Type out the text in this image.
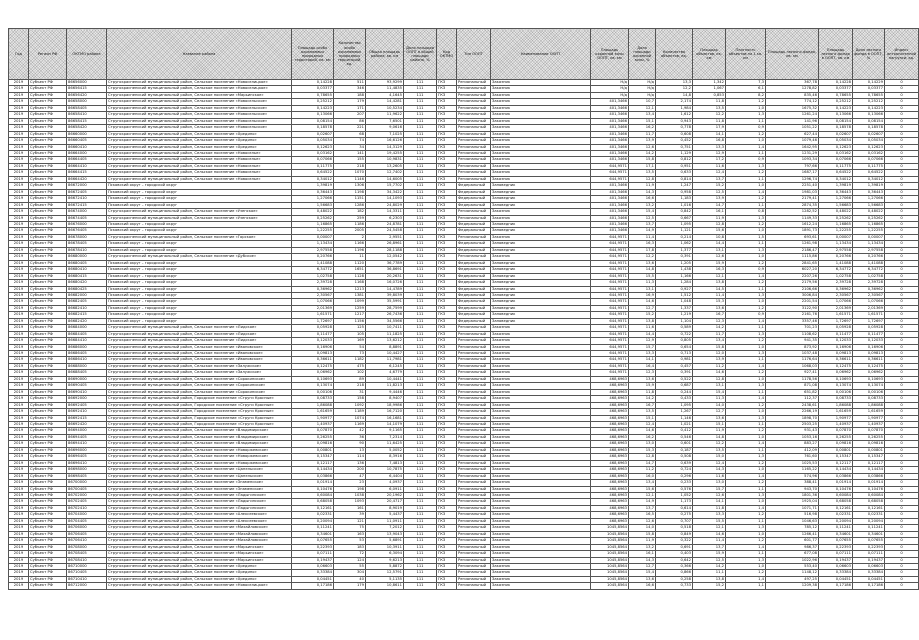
Год	Регион РФ	ОКТМО района	Название района	Площадь особо охраняемых природных территорий, кв. км	Количество особо охраняемых природных территорий, ед.	Общая площадь района, кв. км	Доля площади ООПТ в общей площади района, %	Код ОКТМО	Тип ООПТ	Наименование ООПТ	Площадь охранной зоны ООПТ, кв. км	Доля площади охранной зоны, %	Количество объектов, ед.	Площадь объектов, кв. км	Плотность объектов на 1 кв. км	Площадь лесного фонда, кв. км	Площадь лесного фонда в ООПТ, кв. км	Доля лесного фонда в ООПТ, %	Индекс антропогенной нагрузки, ед.
2019	Субъект РФ	86656000	Стругокрасненский муниципальный район, Сельское поселение «Новоселицкое»	0,14228	511	93,9299	111	ГКЗ	Региональный	Заказник	Н/д	Н/д	13,3	1,342	7,3	367,78	0,14228	0,14229	0
2019	Субъект РФ	86656415	Стругокрасненский муниципальный район, Сельское поселение «Новоселицкое»	0,03377	346	11,4835	111	ГКЗ	Региональный	Заказник	Н/д	Н/д	12,2	1,067	6,1	1278,82	0,03377	0,03377	0
2019	Субъект РФ	86656420	Стругокрасненский муниципальный район, Сельское поселение «Марьинское»	0,78655	188	4,1645	111	ГКЗ	Региональный	Заказник	Н/д	Н/д	14,8	0,853	8,2	835,46	0,78655	0,78655	0
2019	Субъект РФ	86658000	Стругокрасненский муниципальный район, Сельское поселение «Новосельское»	0,25212	179	14,4281	111	ГКЗ	Региональный	Заказник	401,3466	10,7	2,174	11,8	1,2	774,12	0,25212	0,25212	0
2019	Субъект РФ	86658405	Стругокрасненский муниципальный район, Сельское поселение «Новосельское»	0,14223	171	10,5234	111	ГКЗ	Региональный	Заказник	401,3466	12,1	1,984	13,5	1,0	1675,32	0,14223	0,14223	0
2019	Субъект РФ	86658410	Стругокрасненский муниципальный район, Сельское поселение «Новосельское»	0,13066	207	11,9622	111	ГКЗ	Региональный	Заказник	401,3466	13,4	1,612	12,2	1,3	1261,24	0,13066	0,13066	0
2019	Субъект РФ	86658415	Стругокрасненский муниципальный район, Сельское поселение «Новосельское»	0,08154	86	7,6501	111	ГКЗ	Региональный	Заказник	401,3466	15,1	0,943	11,8	1,1	141,96	0,08154	0,08154	0
2019	Субъект РФ	86658420	Стругокрасненский муниципальный район, Сельское поселение «Новосельское»	0,18578	221	9,0616	111	ГКЗ	Региональный	Заказник	401,3466	16,2	0,778	17,9	0,9	1051,22	0,18578	0,18578	0
2019	Субъект РФ	86660000	Стругокрасненский муниципальный район, Сельское поселение «Хредино»	0,02607	68	7,1025	111	ГКЗ	Региональный	Заказник	401,3466	11,7	0,608	14,1	1,2	627,44	0,02607	0,02607	0
2019	Субъект РФ	86660405	Стругокрасненский муниципальный район, Сельское поселение «Хредино»	0,05034	74	16,6126	111	ГКЗ	Региональный	Заказник	401,3466	13,9	0,452	16,8	1,0	1079,46	0,05034	0,05034	0
2019	Субъект РФ	86660410	Стругокрасненский муниципальный район, Сельское поселение «Хредино»	0,12623	34	14,3129	111	ГКЗ	Региональный	Заказник	401,3466	12,6	0,751	13,3	1,4	1642,95	0,12623	0,12623	0
2019	Субъект РФ	86664000	Стругокрасненский муниципальный район, Сельское поселение «Новоселье»	0,03162	141	19,4255	111	ГКЗ	Региональный	Заказник	401,3466	14,2	1,129	12,9	1,1	1231,29	0,03162	0,03162	0
2019	Субъект РФ	86664405	Стругокрасненский муниципальный район, Сельское поселение «Новоселье»	0,07066	155	10,9831	111	ГКЗ	Региональный	Заказник	401,3466	15,8	0,812	17,2	0,9	1093,34	0,07066	0,07066	0
2019	Субъект РФ	86664410	Стругокрасненский муниципальный район, Сельское поселение «Новоселье»	0,11775	218	13,2605	111	ГКЗ	Региональный	Заказник	644,9571	17,1	0,951	11,6	1,3	797,66	0,11775	0,11775	0
2019	Субъект РФ	86664415	Стругокрасненский муниципальный район, Сельское поселение «Новоселье»	0,64522	1070	12,7402	111	ГКЗ	Региональный	Заказник	644,9571	13,5	0,633	12,4	1,2	1687,17	0,64522	0,64522	0
2019	Субъект РФ	86664420	Стругокрасненский муниципальный район, Сельское поселение «Новоселье»	0,34012	1146	14,6005	111	ГКЗ	Региональный	Заказник	644,9571	12,8	0,814	13,7	1,1	1296,74	0,34012	0,34012	0
2019	Субъект РФ	86672000	Псковский округ – городской округ	1,39819	1306	15,7702	111	ГКЗ	Федеральный	Заповедник	401,3466	11,9	1,247	15,2	1,0	2251,40	1,39819	1,39819	0
2019	Субъект РФ	86672405	Псковский округ – городской округ	0,36443	1198	34,3422	111	ГКЗ	Федеральный	Заповедник	401,3466	14,3	0,958	12,5	1,4	1981,03	0,36443	0,36443	0
2019	Субъект РФ	86672410	Псковский округ – городской округ	1,27066	1151	14,1093	111	ГКЗ	Федеральный	Заповедник	401,3466	16,6	1,183	13,9	1,2	2179,41	1,27066	1,27066	0
2019	Субъект РФ	86672415	Псковский округ – городской округ	1,56683	1286	24,8029	111	ГКЗ	Федеральный	Заповедник	401,3466	13,2	1,016	14,7	1,1	2874,35	1,56683	1,56683	0
2019	Субъект РФ	86674000	Стругокрасненский муниципальный район, Сельское поселение «Узенское»	0,48022	182	14,3311	111	ГКЗ	Региональный	Заказник	401,3466	15,4	0,842	16,1	0,8	1282,52	0,48022	0,48022	0
2019	Субъект РФ	86674405	Стругокрасненский муниципальный район, Сельское поселение «Узенское»	0,25262	259	6,2303	111	ГКЗ	Региональный	Заказник	401,3466	12,5	0,667	11,9	1,3	1149,33	0,25262	0,25262	0
2019	Субъект РФ	86676000	Псковский округ – городской округ	1,16865	1186	24,8781	111	ГКЗ	Федеральный	Заповедник	401,3466	13,7	1,095	12,8	1,2	1612,24	1,16865	1,16865	0
2019	Субъект РФ	86676405	Псковский округ – городской округ	1,22255	2005	24,5458	111	ГКЗ	Федеральный	Заповедник	401,3466	14,9	1,121	15,6	1,0	1891,73	1,22255	1,22255	0
2019	Субъект РФ	86678000	Стругокрасненский муниципальный район, Сельское поселение «Горское»	0,00007	2	2,9551	111	ГКЗ	Региональный	Заказник	644,9571	11,4	0,214	10,8	1,5	693,61	0,00007	0,00007	0
2019	Субъект РФ	86678405	Псковский округ – городской округ	1,13434	1166	26,8961	111	ГКЗ	Федеральный	Заповедник	644,9571	16,3	1,062	14,4	1,1	1261,98	1,13434	1,13434	0
2019	Субъект РФ	86678410	Псковский округ – городской округ	2,97558	1196	28,1188	111	ГКЗ	Федеральный	Заповедник	644,9571	17,8	1,377	13,1	1,3	2186,47	2,97558	2,97558	0
2019	Субъект РФ	86680000	Стругокрасненский муниципальный район, Сельское поселение «Дубское»	0,20766	11	12,0542	111	ГКЗ	Региональный	Заказник	644,9571	12,2	0,391	12,6	1,0	1115,86	0,20766	0,20766	0
2019	Субъект РФ	86680405	Псковский округ – городской округ	1,41088	1120	36,7789	111	ГКЗ	Федеральный	Заповедник	644,9571	13,6	1,205	15,9	1,2	2841,65	1,41088	1,41088	0
2019	Субъект РФ	86680410	Псковский округ – городской округ	6,34772	1651	36,8691	111	ГКЗ	Федеральный	Заповедник	644,9571	14,8	1,438	16,3	0,9	6027,20	6,34772	6,34772	0
2019	Субъект РФ	86680415	Псковский округ – городской округ	1,02758	1128	20,2631	111	ГКЗ	Федеральный	Заповедник	644,9571	15,5	1,166	12,1	1,4	2207,26	1,02758	1,02758	0
2019	Субъект РФ	86680420	Псковский округ – городской округ	2,39728	1168	16,0726	111	ГКЗ	Федеральный	Заповедник	644,9571	11,3	1,284	13,8	1,2	2179,56	2,39728	2,39728	0
2019	Субъект РФ	86680425	Псковский округ – городской округ	0,36962	1213	14,4789	111	ГКЗ	Федеральный	Заповедник	644,9571	13,1	0,927	14,5	1,1	2106,66	0,36962	0,36962	0
2019	Субъект РФ	86682000	Псковский округ – городской округ	2,30567	1381	39,8039	111	ГКЗ	Федеральный	Заповедник	644,9571	16,9	1,512	11,4	1,3	3006,84	2,30567	2,30567	0
2019	Субъект РФ	86682405	Псковский округ – городской округ	1,07066	1099	35,5991	111	ГКЗ	Федеральный	Заповедник	644,9571	14,6	1,048	15,3	1,0	2201,54	1,07066	1,07066	0
2019	Субъект РФ	86682410	Псковский округ – городской округ	2,01369	1259	28,7599	111	ГКЗ	Федеральный	Заповедник	644,9571	12,7	1,337	13,6	1,2	3122,90	2,01369	2,01369	0
2019	Субъект РФ	86682415	Псковский округ – городской округ	1,61571	1217	26,7436	111	ГКЗ	Федеральный	Заповедник	644,9571	15,2	1,219	16,7	0,9	2161,76	1,61571	1,61571	0
2019	Субъект РФ	86682420	Псковский округ – городской округ	1,72697	1156	34,5566	111	ГКЗ	Федеральный	Заповедник	644,9571	13,8	1,104	12,3	1,4	3357,46	1,72697	1,72697	0
2019	Субъект РФ	86684000	Стругокрасненский муниципальный район, Сельское поселение «Лидское»	0,05928	125	10,7411	111	ГКЗ	Региональный	Заказник	644,9571	11,6	0,589	14,2	1,1	701,23	0,05928	0,05928	0
2019	Субъект РФ	86684405	Стругокрасненский муниципальный район, Сельское поселение «Лидское»	0,11477	105	11,1825	111	ГКЗ	Региональный	Заказник	644,9571	14,4	0,722	11,7	1,3	1108,62	0,11477	0,11477	0
2019	Субъект РФ	86684410	Стругокрасненский муниципальный район, Сельское поселение «Лидское»	0,12033	169	13,6212	111	ГКЗ	Региональный	Заказник	644,9571	12,9	0,805	13,4	1,2	941,35	0,12033	0,12033	0
2019	Субъект РФ	86686000	Стругокрасненский муниципальный район, Сельское поселение «Ивановское»	0,16906	54	8,8891	111	ГКЗ	Региональный	Заказник	644,9571	15,7	0,654	15,8	1,0	873,92	0,16906	0,16906	0
2019	Субъект РФ	86686405	Стругокрасненский муниципальный район, Сельское поселение «Ивановское»	0,09813	73	10,4427	111	ГКЗ	Региональный	Заказник	644,9571	13,3	0,713	12,0	1,3	1037,48	0,09813	0,09813	0
2019	Субъект РФ	86686410	Стругокрасненский муниципальный район, Сельское поселение «Ивановское»	0,36611	1182	11,7981	111	ГКЗ	Региональный	Заказник	644,9571	14,1	0,981	13,9	1,1	1176,64	0,36611	0,36611	0
2019	Субъект РФ	86688000	Стругокрасненский муниципальный район, Сельское поселение «Залужское»	0,12475	475	6,1245	111	ГКЗ	Региональный	Заказник	644,9571	16,4	0,457	11,2	1,4	1068,03	0,12475	0,12475	0
2019	Субъект РФ	86688405	Стругокрасненский муниципальный район, Сельское поселение «Залужское»	0,06962	102	4,6779	111	ГКЗ	Региональный	Заказник	644,9571	12,3	0,391	14,6	1,2	927,41	0,06962	0,06962	0
2019	Субъект РФ	86690000	Стругокрасненский муниципальный район, Сельское поселение «Сорокинское»	0,10693	89	10,4441	111	ГКЗ	Региональный	Заказник	468,6963	13,6	0,522	12,8	1,0	1178,56	0,10693	0,10693	0
2019	Субъект РФ	86690405	Стругокрасненский муниципальный район, Сельское поселение «Сорокинское»	0,13074	218	11,8213	111	ГКЗ	Региональный	Заказник	468,6963	15,9	0,687	13,1	1,3	871,08	0,13074	0,13074	0
2019	Субъект РФ	86690410	Стругокрасненский муниципальный район, Сельское поселение «Сорокинское»	0,00106	31	9,4446	111	ГКЗ	Региональный	Заказник	468,6963	11,8	0,244	15,4	1,1	651,82	0,00106	0,00106	0
2019	Субъект РФ	86692000	Стругокрасненский муниципальный район, Городское поселение «Струги Красные»	0,08733	158	8,9407	111	ГКЗ	Региональный	Заказник	468,6963	14,2	0,433	11,3	1,4	112,37	0,08733	0,08733	0
2019	Субъект РФ	86692405	Стругокрасненский муниципальный район, Городское поселение «Струги Красные»	1,86088	1092	18,9986	111	ГКЗ	Региональный	Заказник	468,6963	16,7	1,095	14,0	1,2	2438,61	1,86088	1,86088	0
2019	Субъект РФ	86692410	Стругокрасненский муниципальный район, Городское поселение «Струги Красные»	1,61659	1189	16,7120	111	ГКЗ	Региональный	Заказник	468,6963	13,5	1,267	12,7	1,0	2266,19	1,61659	1,61659	0
2019	Субъект РФ	86692415	Стругокрасненский муниципальный район, Городское поселение «Струги Красные»	1,90977	1074	16,1681	111	ГКЗ	Региональный	Заказник	468,6963	15,1	1,146	13,6	1,3	1898,70	1,90977	1,90977	0
2019	Субъект РФ	86692420	Стругокрасненский муниципальный район, Городское поселение «Струги Красные»	1,40937	1169	14,1079	111	ГКЗ	Региональный	Заказник	468,6963	12,4	1,021	15,1	1,1	2503,25	1,40937	1,40937	0
2019	Субъект РФ	86694000	Стругокрасненский муниципальный район, Сельское поселение «Владимирское»	0,07870	42	9,1165	111	ГКЗ	Региональный	Заказник	468,6963	14,6	0,412	11,9	1,2	931,43	0,07870	0,07870	0
2019	Субъект РФ	86694405	Стругокрасненский муниципальный район, Сельское поселение «Владимирское»	0,26255	36	7,2314	111	ГКЗ	Региональный	Заказник	468,6963	16,2	0,546	14,8	1,0	1053,16	0,26255	0,26255	0
2019	Субъект РФ	86694410	Стругокрасненский муниципальный район, Сельское поселение «Владимирское»	0,09816	90	11,6425	111	ГКЗ	Региональный	Заказник	468,6963	13,0	0,601	12,2	1,4	883,27	0,09816	0,09816	0
2019	Субъект РФ	86696000	Стругокрасненский муниципальный район, Сельское поселение «Новоржевское»	0,00801	13	5,0052	111	ГКЗ	Региональный	Заказник	468,6963	15,3	0,187	13,5	1,1	412,09	0,00801	0,00801	0
2019	Субъект РФ	86696405	Стругокрасненский муниципальный район, Сельское поселение «Новоржевское»	0,15347	114	8,3916	111	ГКЗ	Региональный	Заказник	468,6963	12,8	0,508	15,0	1,3	761,60	0,15347	0,15347	0
2019	Субъект РФ	86696410	Стругокрасненский муниципальный район, Сельское поселение «Новоржевское»	0,12117	136	7,4813	111	ГКЗ	Региональный	Заказник	468,6963	14,7	0,639	12,4	1,2	1025,53	0,12117	0,12117	0
2019	Субъект РФ	86698000	Стругокрасненский муниципальный район, Сельское поселение «Цапельское»	0,14434	200	10,7875	111	ГКЗ	Региональный	Заказник	468,6963	11,2	0,724	14,3	1,0	1165,22	0,14434	0,14434	0
2019	Субъект РФ	86698405	Стругокрасненский муниципальный район, Сельское поселение «Цапельское»	0,03866	47	6,4404	111	ГКЗ	Региональный	Заказник	468,6963	16,0	0,296	11,6	1,4	574,96	0,03866	0,03866	0
2019	Субъект РФ	86700000	Стругокрасненский муниципальный район, Сельское поселение «Знаменское»	0,01914	23	4,0937	111	ГКЗ	Региональный	Заказник	468,6963	13,4	0,233	13,0	1,2	388,41	0,01914	0,01914	0
2019	Субъект РФ	86700405	Стругокрасненский муниципальный район, Сельское поселение «Знаменское»	0,10476	198	6,0911	111	ГКЗ	Региональный	Заказник	468,6963	15,6	0,576	15,7	1,1	943,70	0,10476	0,10476	0
2019	Субъект РФ	86702000	Стругокрасненский муниципальный район, Сельское поселение «Ладыгинское»	0,60084	1038	20,1962	111	ГКЗ	Региональный	Заказник	468,6963	12,1	1,052	12,6	1,3	1801,36	0,60084	0,60084	0
2019	Субъект РФ	86702405	Стругокрасненский муниципальный район, Сельское поселение «Ладыгинское»	0,68058	1093	20,4717	111	ГКЗ	Региональный	Заказник	468,6963	14,9	1,173	14,1	1,0	1925,04	0,68058	0,68058	0
2019	Субъект РФ	86702410	Стругокрасненский муниципальный район, Сельское поселение «Ладыгинское»	0,12161	161	8,9019	111	ГКЗ	Региональный	Заказник	468,6963	13,7	0,614	11,8	1,4	1071,71	0,12161	0,12161	0
2019	Субъект РФ	86704000	Стругокрасненский муниципальный район, Сельское поселение «Алексеевское»	0,02331	39	5,4437	111	ГКЗ	Региональный	Заказник	468,6963	16,5	0,275	13,3	1,2	516,98	0,02331	0,02331	0
2019	Субъект РФ	86704405	Стругокрасненский муниципальный район, Сельское поселение «Алексеевское»	0,20094	121	11,0911	111	ГКЗ	Региональный	Заказник	468,6963	12,6	0,707	15,5	1,1	1046,63	0,20094	0,20094	0
2019	Субъект РФ	86706000	Стругокрасненский муниципальный район, Сельское поселение «Михайловское»	0,11241	75	7,2012	111	ГКЗ	Региональный	Заказник	1045,8564	14,0	0,518	12,1	1,3	785,12	0,11241	0,11241	0
2019	Субъект РФ	86706405	Стругокрасненский муниципальный район, Сельское поселение «Михайловское»	0,34601	163	13,9043	111	ГКЗ	Региональный	Заказник	1045,8564	15,8	0,849	14,6	1,0	1266,41	0,34601	0,34601	0
2019	Субъект РФ	86706410	Стругокрасненский муниципальный район, Сельское поселение «Михайловское»	0,07655	53	5,6891	111	ГКЗ	Региональный	Заказник	1045,8564	11,9	0,322	11,4	1,2	601,77	0,07655	0,07655	0
2019	Субъект РФ	86708000	Стругокрасненский муниципальный район, Сельское поселение «Марьинское»	0,22393	183	10,3911	111	ГКЗ	Региональный	Заказник	1045,8564	13,2	0,691	13,7	1,4	986,37	0,22393	0,22393	0
2019	Субъект РФ	86708405	Стругокрасненский муниципальный район, Сельское поселение «Марьинское»	0,07111	72	6,3094	111	ГКЗ	Региональный	Заказник	1045,8564	16,1	0,403	15,9	1,1	677,08	0,07111	0,07111	0
2019	Субъект РФ	86708410	Стругокрасненский муниципальный район, Сельское поселение «Марьинское»	0,19437	124	9,6213	111	ГКЗ	Региональный	Заказник	1045,8564	14,3	0,642	12,5	1,3	1022,96	0,19437	0,19437	0
2019	Субъект РФ	86710000	Стругокрасненский муниципальный район, Сельское поселение «Хредино»	0,06603	55	5,8872	111	ГКЗ	Региональный	Заказник	1045,8564	12,7	0,366	14,2	1,0	553,40	0,06603	0,06603	0
2019	Субъект РФ	86710405	Стругокрасненский муниципальный район, Сельское поселение «Хредино»	0,33384	304	12,5791	111	ГКЗ	Региональный	Заказник	1045,8564	15,4	0,866	11,1	1,2	1148,12	0,33384	0,33384	0
2019	Субъект РФ	86710410	Стругокрасненский муниципальный район, Сельское поселение «Хредино»	0,04451	40	5,1135	111	ГКЗ	Региональный	Заказник	1045,8564	13,6	0,258	13,8	1,4	497,25	0,04451	0,04451	0
2019	Субъект РФ	86712000	Стругокрасненский муниципальный район, Сельское поселение «Новоселицкое»	0,17186	179	10,8611	111	ГКЗ	Региональный	Заказник	1045,8564	16,6	0,733	15,2	1,1	1209,38	0,17186	0,17186	0
